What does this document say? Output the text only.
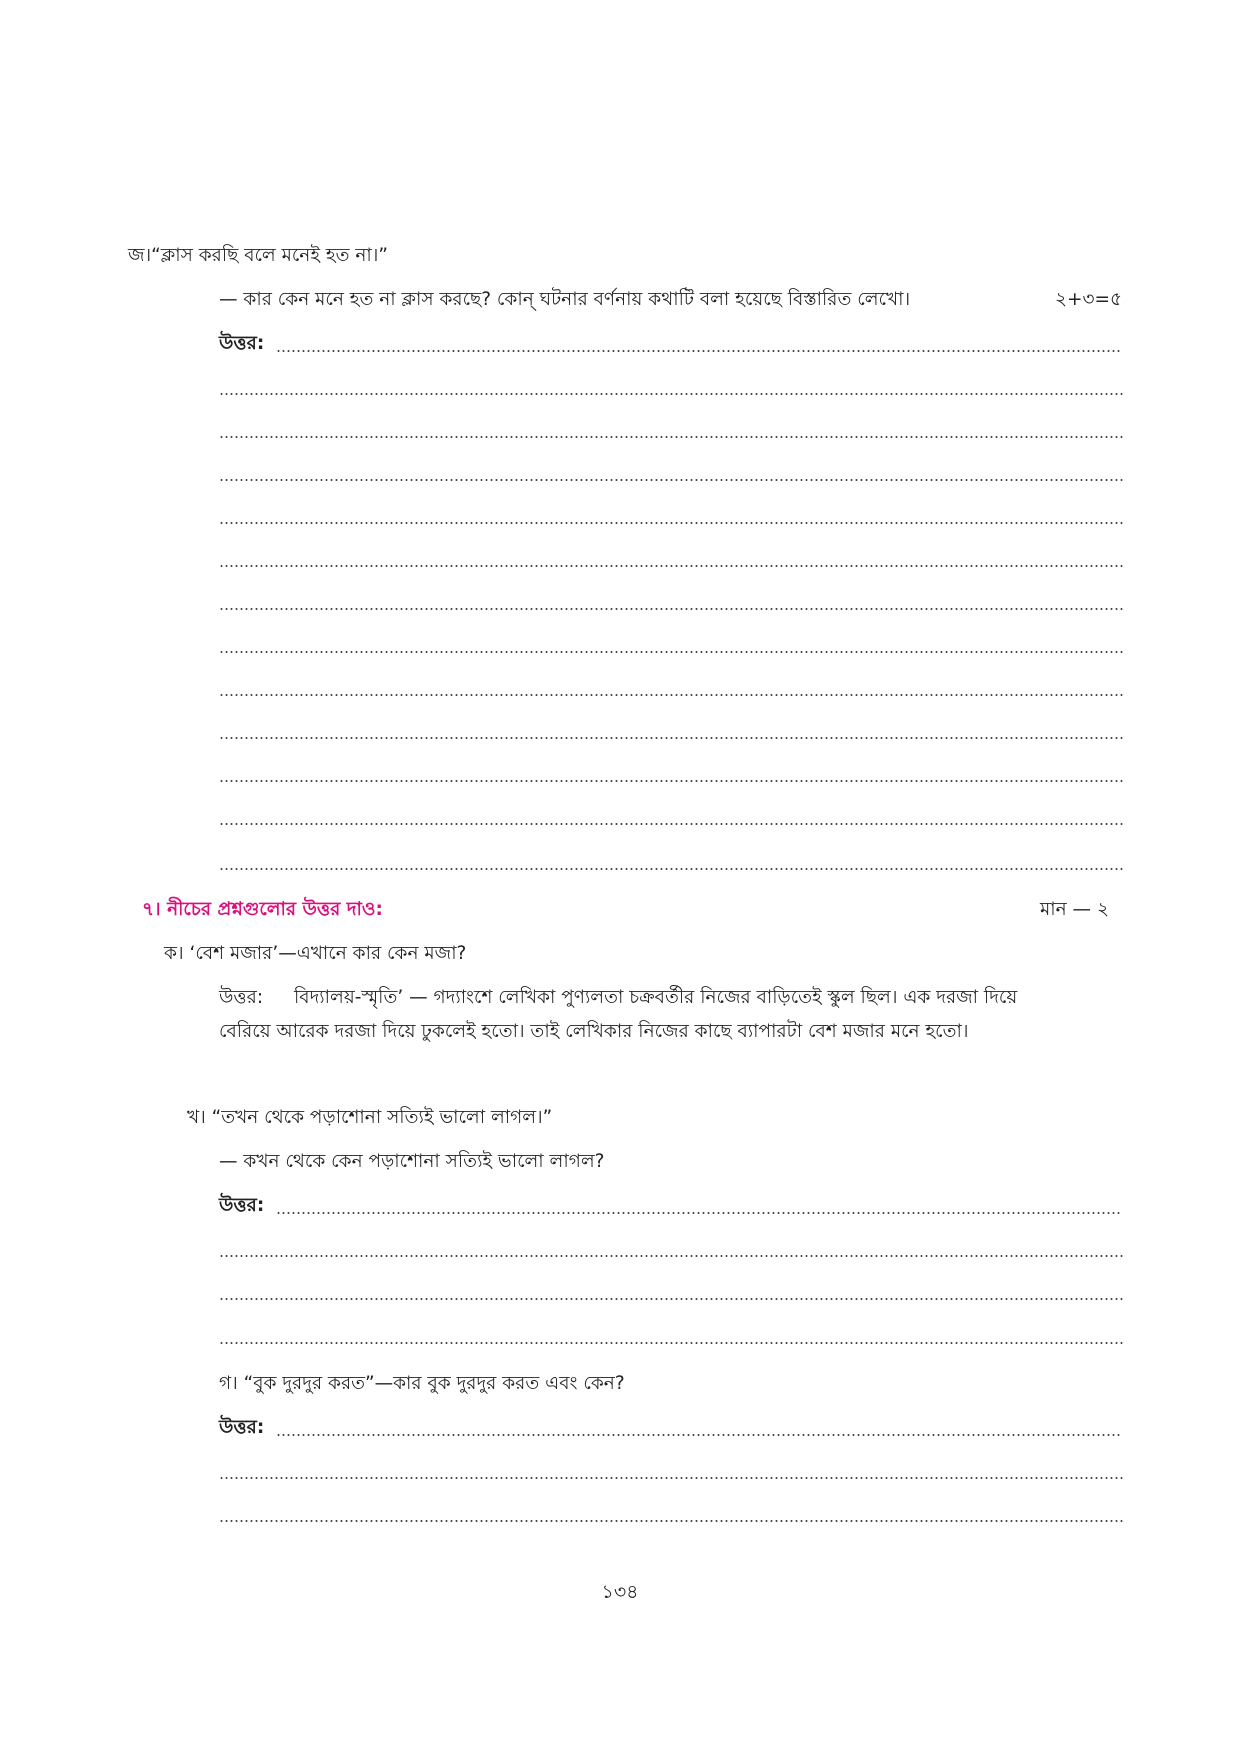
জ।“ক্লাস করছি বলে মনেই হত না।”
— কার কেন মনে হত না ক্লাস করছে? কোন্ ঘটনার বর্ণনায় কথাটি বলা হয়েছে বিস্তারিত লেখো।	২+৩=৫
উত্তর:
৭। নীচের প্রশ্নগুলোর উত্তর দাও:	মান — ২
ক। ‘বেশ মজার’—এখানে কার কেন মজা?
উত্তর: বিদ্যালয়-স্মৃতি’ — গদ্যাংশে লেখিকা পুণ্যলতা চক্রবর্তীর নিজের বাড়িতেই স্কুল ছিল। এক দরজা দিয়ে
বেরিয়ে আরেক দরজা দিয়ে ঢুকলেই হতো। তাই লেখিকার নিজের কাছে ব্যাপারটা বেশ মজার মনে হতো।
খ। “তখন থেকে পড়াশোনা সত্যিই ভালো লাগল।”
— কখন থেকে কেন পড়াশোনা সত্যিই ভালো লাগল?
উত্তর:
গ। “বুক দুরদুর করত”—কার বুক দুরদুর করত এবং কেন?
উত্তর:
১৩৪
